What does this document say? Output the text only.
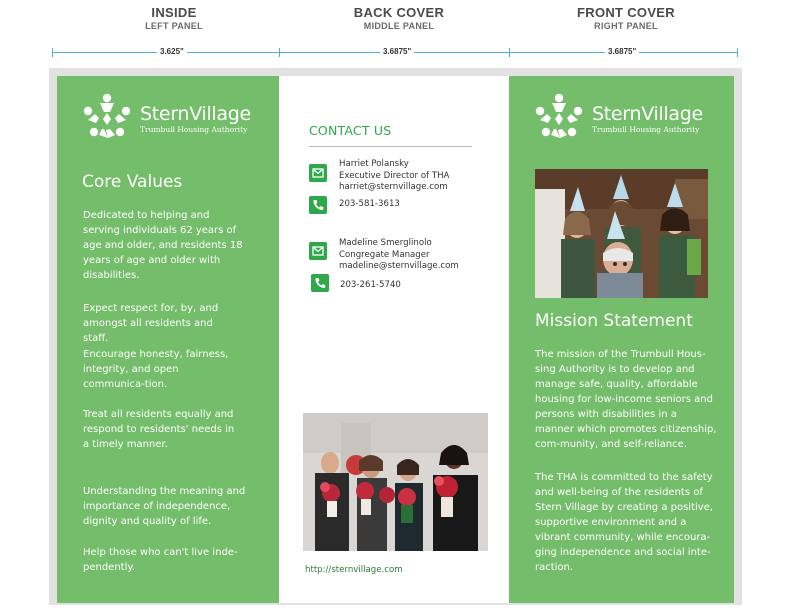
INSIDE
LEFT PANEL
BACK COVER
MIDDLE PANEL
FRONT COVER
RIGHT PANEL
3.625"	3.6875"	3.6875"
SternVillage
Trumbull Housing Authority
Core Values
Dedicated to helping and serving individuals 62 years of age and older, and residents 18 years of age and older with disabilities.
Expect respect for, by, and amongst all residents and staff.
Encourage honesty, fairness, integrity, and open communica-tion.
Treat all residents equally and respond to residents' needs in a timely manner.
Understanding the meaning and importance of independence, dignity and quality of life.
Help those who can't live inde-pendently.
CONTACT US
Harriet Polansky
Executive Director of THA
harriet@sternvillage.com
203-581-3613
Madeline Smerglinolo
Congregate Manager
madeline@sternvillage.com
203-261-5740
http://sternvillage.com
SternVillage
Trumbull Housing Authority
Mission Statement
The mission of the Trumbull Hous-sing Authority is to develop and manage safe, quality, affordable housing for low-income seniors and persons with disabilities in a manner which promotes citizenship, com-munity, and self-reliance.
The THA is committed to the safety and well-being of the residents of Stern Village by creating a positive, supportive environment and a vibrant community, while encoura-ging independence and social inte-raction.
